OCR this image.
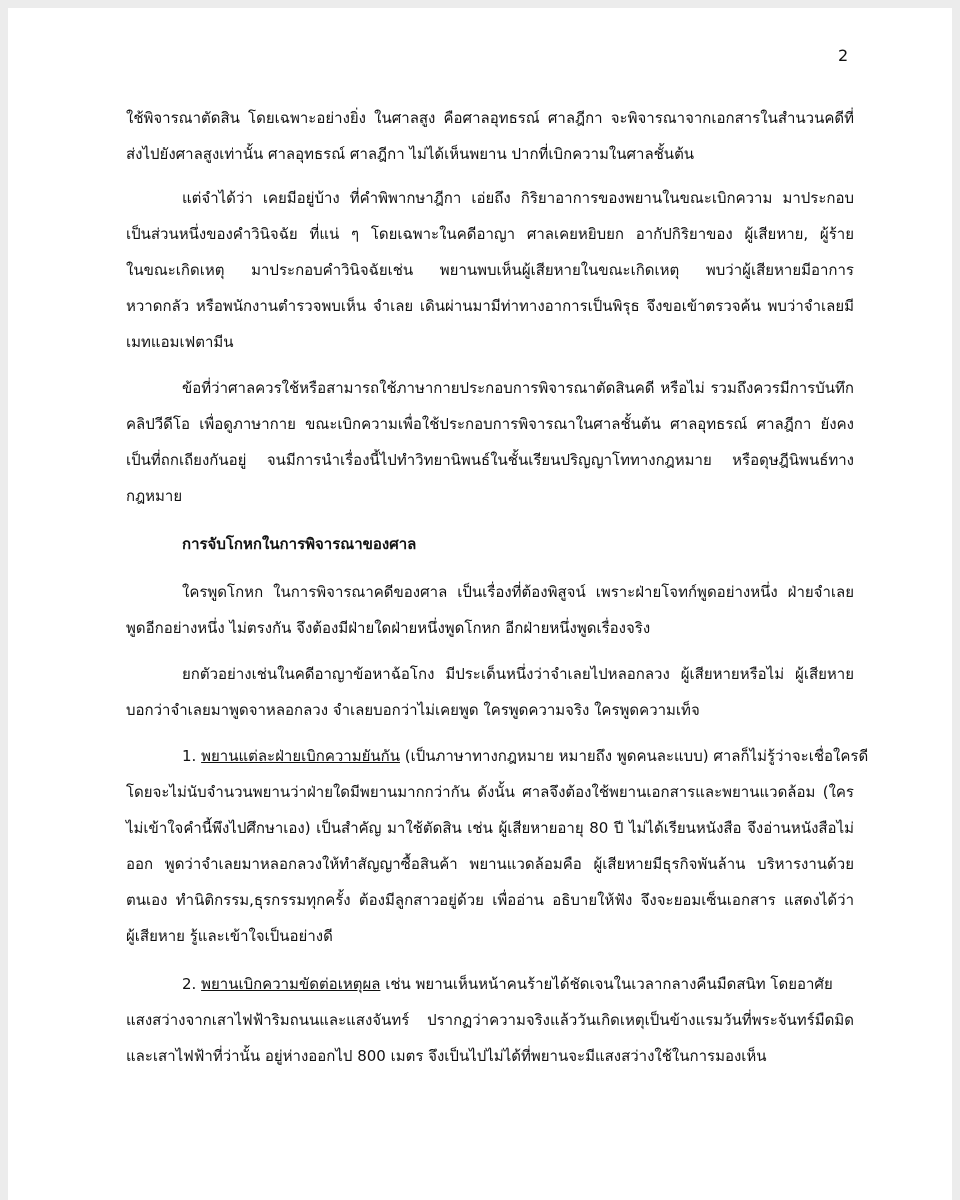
2
ใช้พิจารณาตัดสิน โดยเฉพาะอย่างยิ่ง ในศาลสูง คือศาลอุทธรณ์ ศาลฎีกา จะพิจารณาจากเอกสารในสำนวนคดีที่
ส่งไปยังศาลสูงเท่านั้น ศาลอุทธรณ์ ศาลฎีกา ไม่ได้เห็นพยาน ปากที่เบิกความในศาลชั้นต้น
แต่จำได้ว่า เคยมีอยู่บ้าง ที่คำพิพากษาฎีกา เอ่ยถึง กิริยาอาการของพยานในขณะเบิกความ มาประกอบ
เป็นส่วนหนึ่งของคำวินิจฉัย ที่แน่ ๆ โดยเฉพาะในคดีอาญา ศาลเคยหยิบยก อากัปกิริยาของ ผู้เสียหาย, ผู้ร้าย
ในขณะเกิดเหตุ มาประกอบคำวินิจฉัยเช่น พยานพบเห็นผู้เสียหายในขณะเกิดเหตุ พบว่าผู้เสียหายมีอาการ
หวาดกลัว หรือพนักงานตำรวจพบเห็น จำเลย เดินผ่านมามีท่าทางอาการเป็นพิรุธ จึงขอเข้าตรวจค้น พบว่าจำเลยมี
เมทแอมเฟตามีน
ข้อที่ว่าศาลควรใช้หรือสามารถใช้ภาษากายประกอบการพิจารณาตัดสินคดี หรือไม่ รวมถึงควรมีการบันทึก
คลิปวีดีโอ เพื่อดูภาษากาย ขณะเบิกความเพื่อใช้ประกอบการพิจารณาในศาลชั้นต้น ศาลอุทธรณ์ ศาลฎีกา ยังคง
เป็นที่ถกเถียงกันอยู่ จนมีการนำเรื่องนี้ไปทำวิทยานิพนธ์ในชั้นเรียนปริญญาโททางกฎหมาย หรือดุษฎีนิพนธ์ทาง
กฎหมาย
การจับโกหกในการพิจารณาของศาล
ใครพูดโกหก ในการพิจารณาคดีของศาล เป็นเรื่องที่ต้องพิสูจน์ เพราะฝ่ายโจทก์พูดอย่างหนึ่ง ฝ่ายจำเลย
พูดอีกอย่างหนึ่ง ไม่ตรงกัน จึงต้องมีฝ่ายใดฝ่ายหนึ่งพูดโกหก อีกฝ่ายหนึ่งพูดเรื่องจริง
ยกตัวอย่างเช่นในคดีอาญาข้อหาฉ้อโกง มีประเด็นหนึ่งว่าจำเลยไปหลอกลวง ผู้เสียหายหรือไม่ ผู้เสียหาย
บอกว่าจำเลยมาพูดจาหลอกลวง จำเลยบอกว่าไม่เคยพูด ใครพูดความจริง ใครพูดความเท็จ
1. พยานแต่ละฝ่ายเบิกความยันกัน (เป็นภาษาทางกฎหมาย หมายถึง พูดคนละแบบ) ศาลก็ไม่รู้ว่าจะเชื่อใครดี
โดยจะไม่นับจำนวนพยานว่าฝ่ายใดมีพยานมากกว่ากัน ดังนั้น ศาลจึงต้องใช้พยานเอกสารและพยานแวดล้อม (ใคร
ไม่เข้าใจคำนี้พึงไปศึกษาเอง) เป็นสำคัญ มาใช้ตัดสิน เช่น ผู้เสียหายอายุ 80 ปี ไม่ได้เรียนหนังสือ จึงอ่านหนังสือไม่
ออก พูดว่าจำเลยมาหลอกลวงให้ทำสัญญาซื้อสินค้า พยานแวดล้อมคือ ผู้เสียหายมีธุรกิจพันล้าน บริหารงานด้วย
ตนเอง ทำนิติกรรม,ธุรกรรมทุกครั้ง ต้องมีลูกสาวอยู่ด้วย เพื่ออ่าน อธิบายให้ฟัง จึงจะยอมเซ็นเอกสาร แสดงได้ว่า
ผู้เสียหาย รู้และเข้าใจเป็นอย่างดี
2. พยานเบิกความขัดต่อเหตุผล เช่น พยานเห็นหน้าคนร้ายได้ชัดเจนในเวลากลางคืนมืดสนิท โดยอาศัย
แสงสว่างจากเสาไฟฟ้าริมถนนและแสงจันทร์ ปรากฏว่าความจริงแล้ววันเกิดเหตุเป็นข้างแรมวันที่พระจันทร์มืดมิด
และเสาไฟฟ้าที่ว่านั้น อยู่ห่างออกไป 800 เมตร จึงเป็นไปไม่ได้ที่พยานจะมีแสงสว่างใช้ในการมองเห็น
